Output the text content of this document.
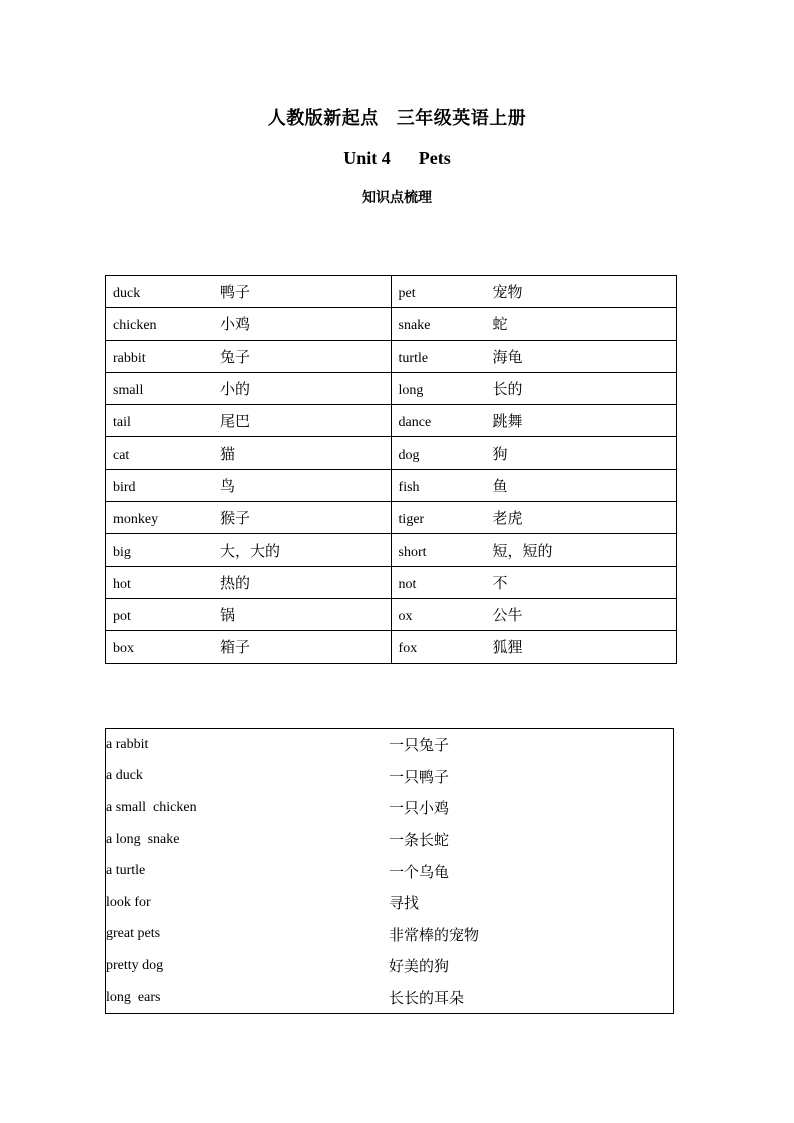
人教版新起点 三年级英语上册
Unit 4 Pets
知识点梳理
duck 鸭子	pet 宠物
chicken 小鸡	snake 蛇
rabbit 兔子	turtle 海龟
small 小的	long 长的
tail 尾巴	dance 跳舞
cat 猫	dog 狗
bird 鸟	fish 鱼
monkey 猴子	tiger 老虎
big 大，大的	short 短，短的
hot 热的	not 不
pot 锅	ox 公牛
box 箱子	fox 狐狸
a rabbit	一只兔子
a duck	一只鸭子
a small  chicken	一只小鸡
a long  snake	一条长蛇
a turtle	一个乌龟
look for	寻找
great pets	非常棒的宠物
pretty dog	好美的狗
long  ears	长长的耳朵
